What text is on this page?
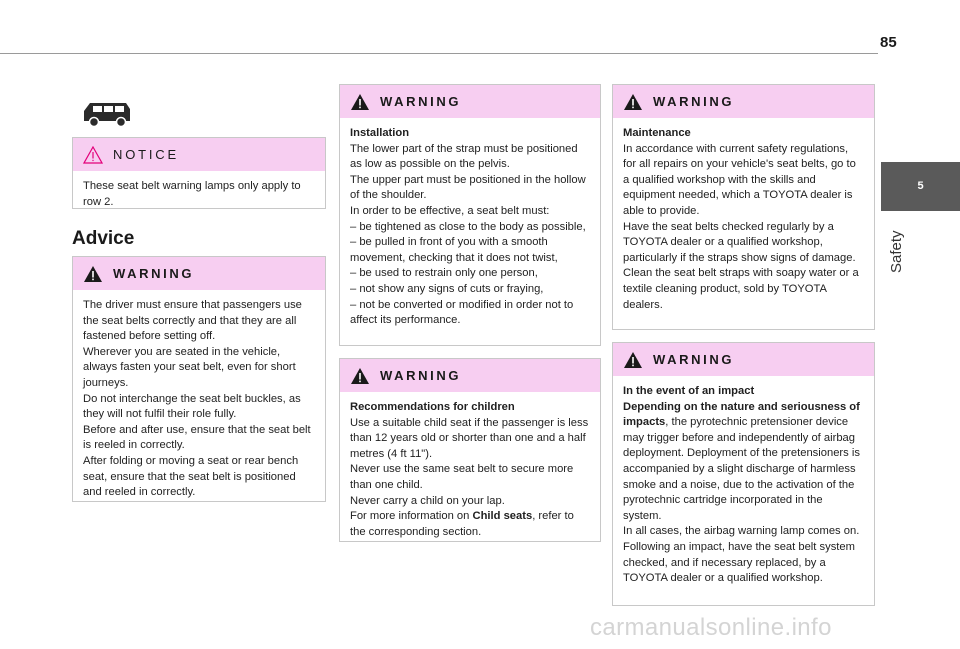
85
5
Safety
NOTICE

These seat belt warning lamps only apply to row 2.

Advice
WARNING

The driver must ensure that passengers use the seat belts correctly and that they are all fastened before setting off.

Wherever you are seated in the vehicle, always fasten your seat belt, even for short journeys.

Do not interchange the seat belt buckles, as they will not fulfil their role fully.

Before and after use, ensure that the seat belt is reeled in correctly.

After folding or moving a seat or rear bench seat, ensure that the seat belt is positioned and reeled in correctly.

WARNING

Installation

The lower part of the strap must be positioned as low as possible on the pelvis.

The upper part must be positioned in the hollow of the shoulder.

In order to be effective, a seat belt must:

– be tightened as close to the body as possible,

– be pulled in front of you with a smooth movement, checking that it does not twist,

– be used to restrain only one person,

– not show any signs of cuts or fraying,

– not be converted or modified in order not to affect its performance.

WARNING

Recommendations for children

Use a suitable child seat if the passenger is less than 12 years old or shorter than one and a half metres (4 ft 11").

Never use the same seat belt to secure more than one child.

Never carry a child on your lap.

For more information on Child seats, refer to the corresponding section.

WARNING

Maintenance

In accordance with current safety regulations, for all repairs on your vehicle's seat belts, go to a qualified workshop with the skills and equipment needed, which a TOYOTA dealer is able to provide.

Have the seat belts checked regularly by a TOYOTA dealer or a qualified workshop, particularly if the straps show signs of damage.

Clean the seat belt straps with soapy water or a textile cleaning product, sold by TOYOTA dealers.

WARNING

In the event of an impact

Depending on the nature and seriousness of impacts, the pyrotechnic pretensioner device may trigger before and independently of airbag deployment. Deployment of the pretensioners is accompanied by a slight discharge of harmless smoke and a noise, due to the activation of the pyrotechnic cartridge incorporated in the system.

In all cases, the airbag warning lamp comes on.

Following an impact, have the seat belt system checked, and if necessary replaced, by a TOYOTA dealer or a qualified workshop.

carmanualsonline.info
